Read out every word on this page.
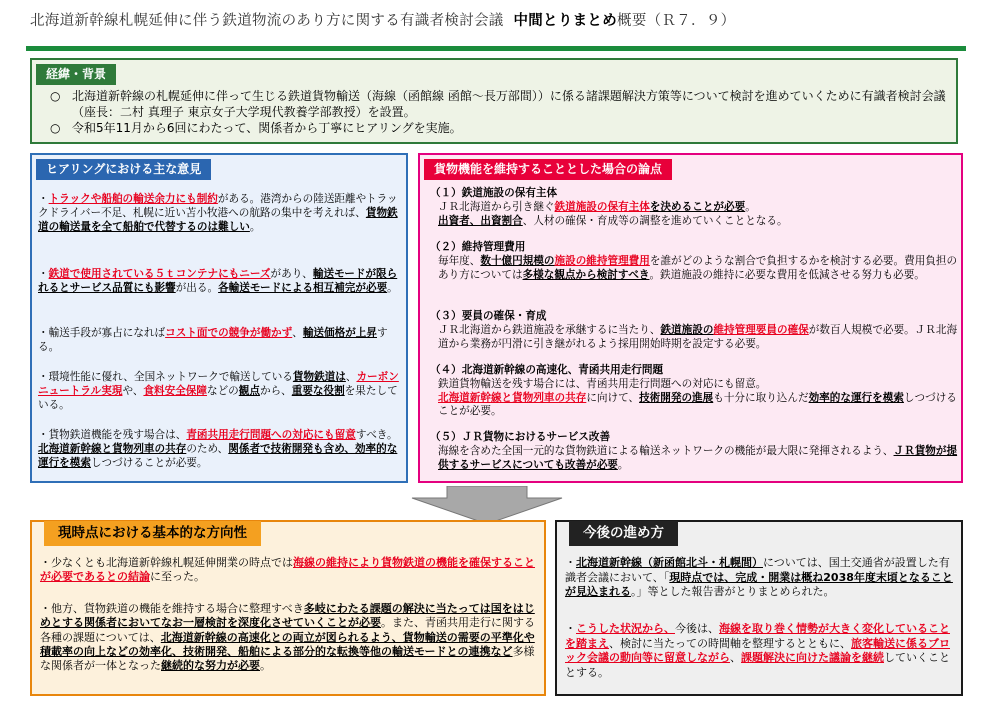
北海道新幹線札幌延伸に伴う鉄道物流のあり方に関する有識者検討会議 中間とりまとめ概要（Ｒ７．９）
経緯・背景
○ 北海道新幹線の札幌延伸に伴って生じる鉄道貨物輸送（海線（函館線 函館～長万部間））に係る諸課題解決方策等について検討を進めていくために有識者検討会議（座長：二村 真理子 東京女子大学現代教養学部教授）を設置。
○ 令和5年11月から6回にわたって、関係者から丁寧にヒアリングを実施。
ヒアリングにおける主な意見
・トラックや船舶の輸送余力にも制約がある。港湾からの陸送距離やトラックドライバー不足、札幌に近い苫小牧港への航路の集中を考えれば、貨物鉄道の輸送量を全て船舶で代替するのは難しい。
・鉄道で使用されている５ｔコンテナにもニーズがあり、輸送モードが限られるとサービス品質にも影響が出る。各輸送モードによる相互補完が必要。
・輸送手段が寡占になればコスト面での競争が働かず、輸送価格が上昇する。
・環境性能に優れ、全国ネットワークで輸送している貨物鉄道は、カーボンニュートラル実現や、食料安全保障などの観点から、重要な役割を果たしている。
・貨物鉄道機能を残す場合は、青函共用走行問題への対応にも留意すべき。北海道新幹線と貨物列車の共存のため、関係者で技術開発も含め、効率的な運行を模索しつづけることが必要。
貨物機能を維持することとした場合の論点
（１）鉄道施設の保有主体
ＪＲ北海道から引き継ぐ鉄道施設の保有主体を決めることが必要。
出資者、出資割合、人材の確保・育成等の調整を進めていくこととなる。
（２）維持管理費用
毎年度、数十億円規模の施設の維持管理費用を誰がどのような割合で負担するかを検討する必要。費用負担のあり方については多様な観点から検討すべき。鉄道施設の維持に必要な費用を低減させる努力も必要。
（３）要員の確保・育成
ＪＲ北海道から鉄道施設を承継するに当たり、鉄道施設の維持管理要員の確保が数百人規模で必要。ＪＲ北海道から業務が円滑に引き継がれるよう採用開始時期を設定する必要。
（４）北海道新幹線の高速化、青函共用走行問題
鉄道貨物輸送を残す場合には、青函共用走行問題への対応にも留意。
北海道新幹線と貨物列車の共存に向けて、技術開発の進展も十分に取り込んだ効率的な運行を模索しつづけることが必要。
（５）ＪＲ貨物におけるサービス改善
海線を含めた全国一元的な貨物鉄道による輸送ネットワークの機能が最大限に発揮されるよう、ＪＲ貨物が提供するサービスについても改善が必要。
現時点における基本的な方向性
・少なくとも北海道新幹線札幌延伸開業の時点では海線の維持により貨物鉄道の機能を確保することが必要であるとの結論に至った。
・他方、貨物鉄道の機能を維持する場合に整理すべき多岐にわたる課題の解決に当たっては国をはじめとする関係者においてなお一層検討を深度化させていくことが必要。また、青函共用走行に関する各種の課題については、北海道新幹線の高速化との両立が図られるよう、貨物輸送の需要の平準化や積載率の向上などの効率化、技術開発、船舶による部分的な転換等他の輸送モードとの連携など多様な関係者が一体となった継続的な努力が必要。
今後の進め方
・北海道新幹線（新函館北斗・札幌間）については、国土交通省が設置した有識者会議において、「現時点では、完成・開業は概ね2038年度末頃となることが見込まれる。」等とした報告書がとりまとめられた。
・こうした状況から、今後は、海線を取り巻く情勢が大きく変化していることを踏まえ、検討に当たっての時間軸を整理するとともに、旅客輸送に係るブロック会議の動向等に留意しながら、課題解決に向けた議論を継続していくこととする。
